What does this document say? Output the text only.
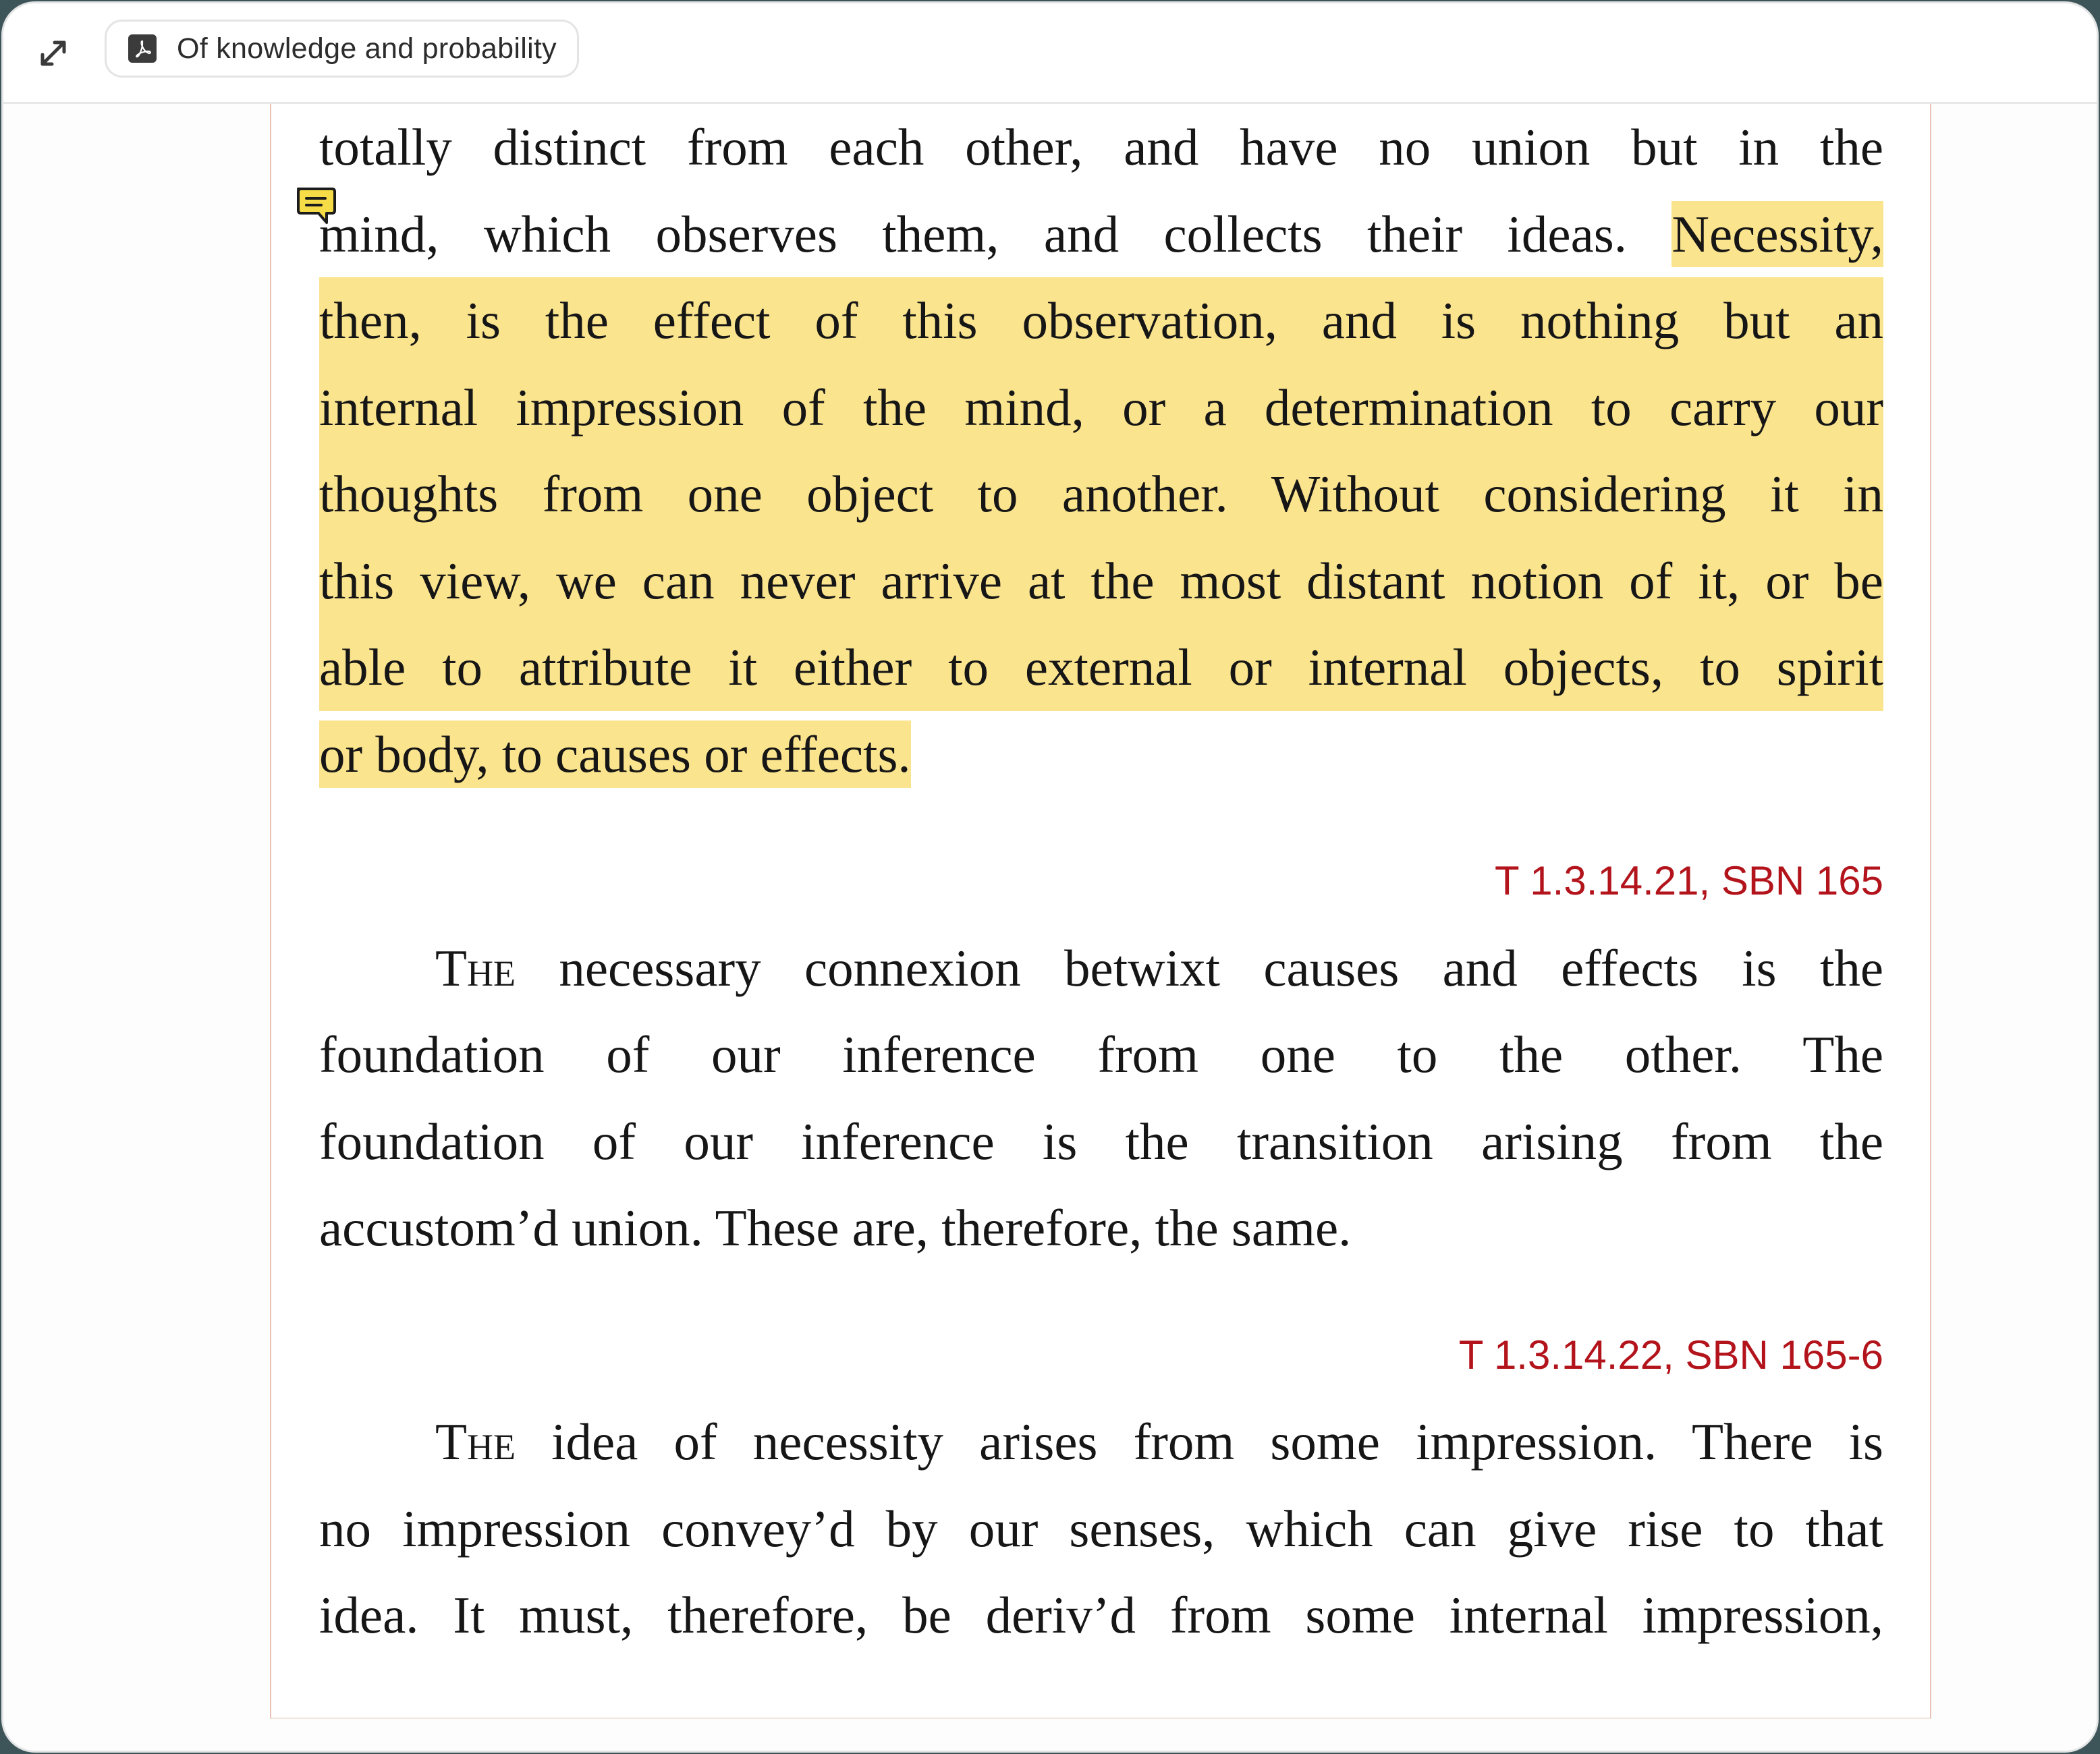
Of knowledge and probability
totally distinct from each other, and have no union but in the
mind, which observes them, and collects their ideas. Necessity,
then, is the effect of this observation, and is nothing but an
internal impression of the mind, or a determination to carry our
thoughts from one object to another. Without considering it in
this view, we can never arrive at the most distant notion of it, or be
able to attribute it either to external or internal objects, to spirit
or body, to causes or effects.
T 1.3.14.21, SBN 165
The necessary connexion betwixt causes and effects is the
foundation of our inference from one to the other. The
foundation of our inference is the transition arising from the
accustom’d union. These are, therefore, the same.
T 1.3.14.22, SBN 165-6
The idea of necessity arises from some impression. There is
no impression convey’d by our senses, which can give rise to that
idea. It must, therefore, be deriv’d from some internal impression,
